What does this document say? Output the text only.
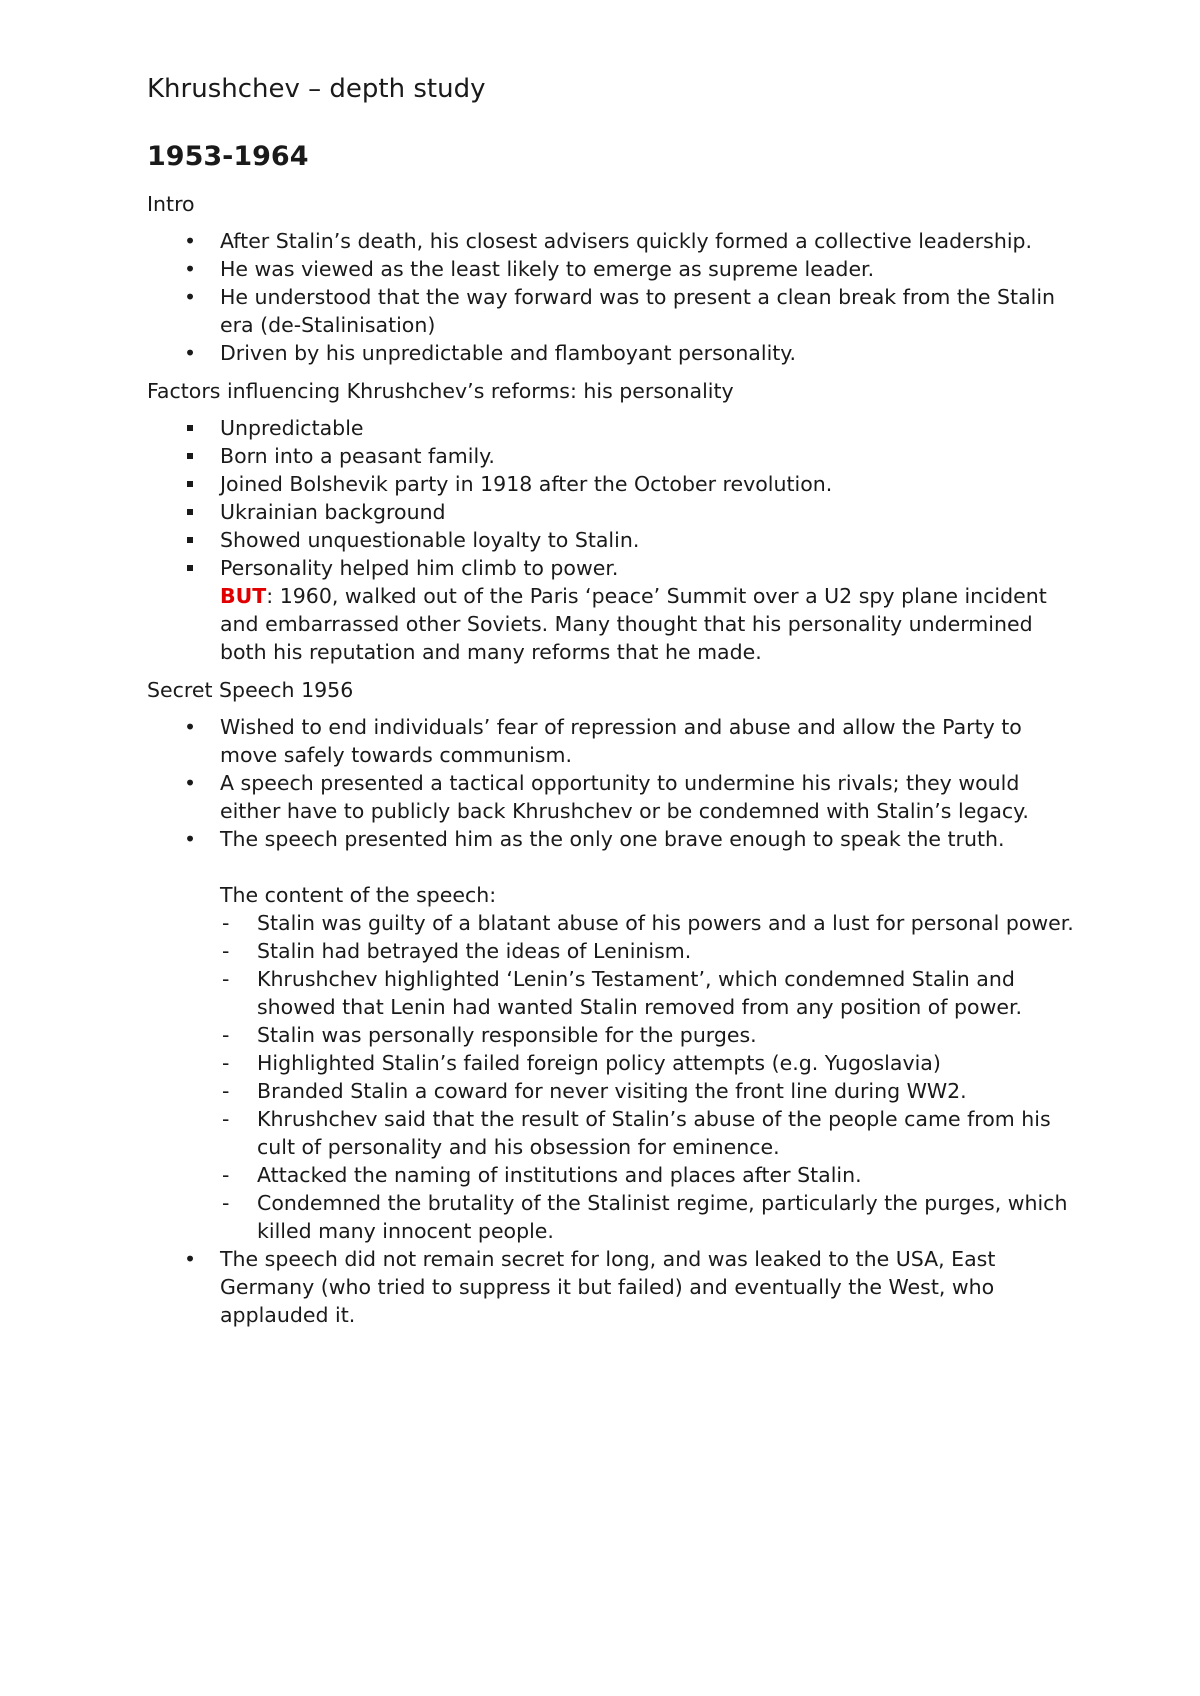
Khrushchev – depth study
1953-1964

Intro

• After Stalin’s death, his closest advisers quickly formed a collective leadership.
• He was viewed as the least likely to emerge as supreme leader.
• He understood that the way forward was to present a clean break from the Stalin era (de-Stalinisation)
• Driven by his unpredictable and flamboyant personality.

Factors influencing Khrushchev’s reforms: his personality

Unpredictable
Born into a peasant family.
Joined Bolshevik party in 1918 after the October revolution.
Ukrainian background
Showed unquestionable loyalty to Stalin.
Personality helped him climb to power.
BUT: 1960, walked out of the Paris ‘peace’ Summit over a U2 spy plane incident and embarrassed other Soviets. Many thought that his personality undermined both his reputation and many reforms that he made.

Secret Speech 1956

• Wished to end individuals’ fear of repression and abuse and allow the Party to move safely towards communism.
• A speech presented a tactical opportunity to undermine his rivals; they would either have to publicly back Khrushchev or be condemned with Stalin’s legacy.
• The speech presented him as the only one brave enough to speak the truth.
The content of the speech:
- Stalin was guilty of a blatant abuse of his powers and a lust for personal power.
- Stalin had betrayed the ideas of Leninism.
- Khrushchev highlighted ‘Lenin’s Testament’, which condemned Stalin and showed that Lenin had wanted Stalin removed from any position of power.
- Stalin was personally responsible for the purges.
- Highlighted Stalin’s failed foreign policy attempts (e.g. Yugoslavia)
- Branded Stalin a coward for never visiting the front line during WW2.
- Khrushchev said that the result of Stalin’s abuse of the people came from his cult of personality and his obsession for eminence.
- Attacked the naming of institutions and places after Stalin.
- Condemned the brutality of the Stalinist regime, particularly the purges, which killed many innocent people.
• The speech did not remain secret for long, and was leaked to the USA, East Germany (who tried to suppress it but failed) and eventually the West, who applauded it.
